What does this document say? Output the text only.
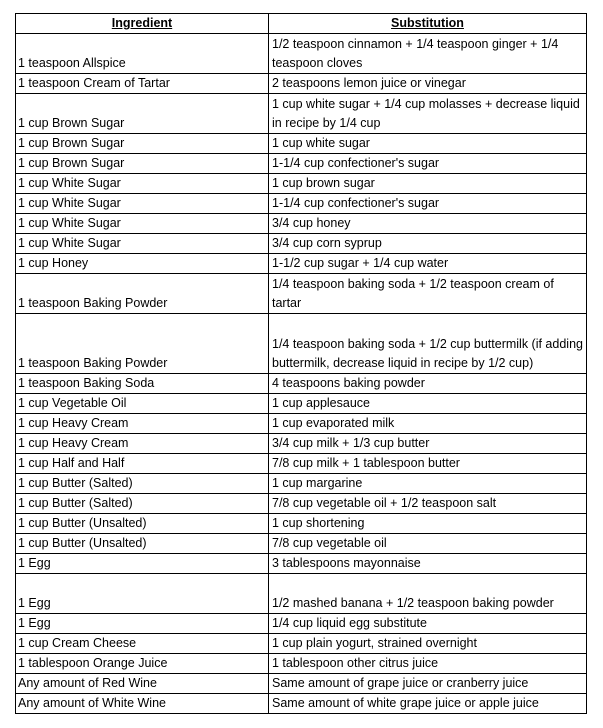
Ingredient	Substitution
1 teaspoon Allspice	1/2 teaspoon cinnamon + 1/4 teaspoon ginger + 1/4 teaspoon cloves
1 teaspoon Cream of Tartar	2 teaspoons lemon juice or vinegar
1 cup Brown Sugar	1 cup white sugar + 1/4 cup molasses + decrease liquid in recipe by 1/4 cup
1 cup Brown Sugar	1 cup white sugar
1 cup Brown Sugar	1-1/4 cup confectioner's sugar
1 cup White Sugar	1 cup brown sugar
1 cup White Sugar	1-1/4 cup confectioner's sugar
1 cup White Sugar	3/4 cup honey
1 cup White Sugar	3/4 cup corn syprup
1 cup Honey	1-1/2 cup sugar + 1/4 cup water
1 teaspoon Baking Powder	1/4 teaspoon baking soda + 1/2 teaspoon cream of tartar
1 teaspoon Baking Powder	1/4 teaspoon baking soda + 1/2 cup buttermilk (if adding buttermilk, decrease liquid in recipe by 1/2 cup)
1 teaspoon Baking Soda	4 teaspoons baking powder
1 cup Vegetable Oil	1 cup applesauce
1 cup Heavy Cream	1 cup evaporated milk
1 cup Heavy Cream	3/4 cup milk + 1/3 cup butter
1 cup Half and Half	7/8 cup milk + 1 tablespoon butter
1 cup Butter (Salted)	1 cup margarine
1 cup Butter (Salted)	7/8 cup vegetable oil + 1/2 teaspoon salt
1 cup Butter (Unsalted)	1 cup shortening
1 cup Butter (Unsalted)	7/8 cup vegetable oil
1 Egg	3 tablespoons mayonnaise
1 Egg	1/2 mashed banana + 1/2 teaspoon baking powder
1 Egg	1/4 cup liquid egg substitute
1 cup Cream Cheese	1 cup plain yogurt, strained overnight
1 tablespoon Orange Juice	1 tablespoon other citrus juice
Any amount of Red Wine	Same amount of grape juice or cranberry juice
Any amount of White Wine	Same amount of white grape juice or apple juice
